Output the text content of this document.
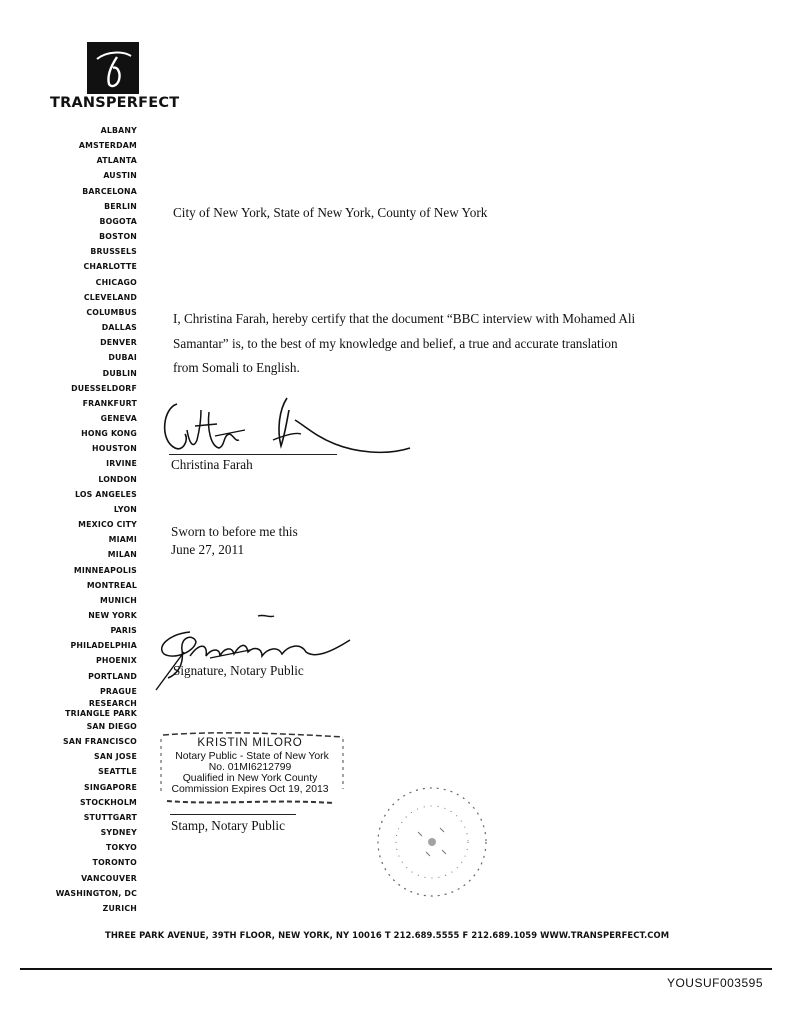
TRANSPERFECT
ALBANY
AMSTERDAM
ATLANTA
AUSTIN
BARCELONA
BERLIN
BOGOTA
BOSTON
BRUSSELS
CHARLOTTE
CHICAGO
CLEVELAND
COLUMBUS
DALLAS
DENVER
DUBAI
DUBLIN
DUESSELDORF
FRANKFURT
GENEVA
HONG KONG
HOUSTON
IRVINE
LONDON
LOS ANGELES
LYON
MEXICO CITY
MIAMI
MILAN
MINNEAPOLIS
MONTREAL
MUNICH
NEW YORK
PARIS
PHILADELPHIA
PHOENIX
PORTLAND
PRAGUE
RESEARCH
TRIANGLE PARK
SAN DIEGO
SAN FRANCISCO
SAN JOSE
SEATTLE
SINGAPORE
STOCKHOLM
STUTTGART
SYDNEY
TOKYO
TORONTO
VANCOUVER
WASHINGTON, DC
ZURICH
City of New York, State of New York, County of New York
I, Christina Farah, hereby certify that the document “BBC interview with Mohamed Ali
Samantar” is, to the best of my knowledge and belief, a true and accurate translation
from Somali to English.
Christina Farah
Sworn to before me this
June 27, 2011
Signature, Notary Public
KRISTIN MILORO
Notary Public - State of New York
No. 01MI6212799
Qualified in New York County
Commission Expires Oct 19, 2013
Stamp, Notary Public
THREE PARK AVENUE, 39TH FLOOR, NEW YORK, NY 10016 T 212.689.5555 F 212.689.1059 WWW.TRANSPERFECT.COM
YOUSUF003595
